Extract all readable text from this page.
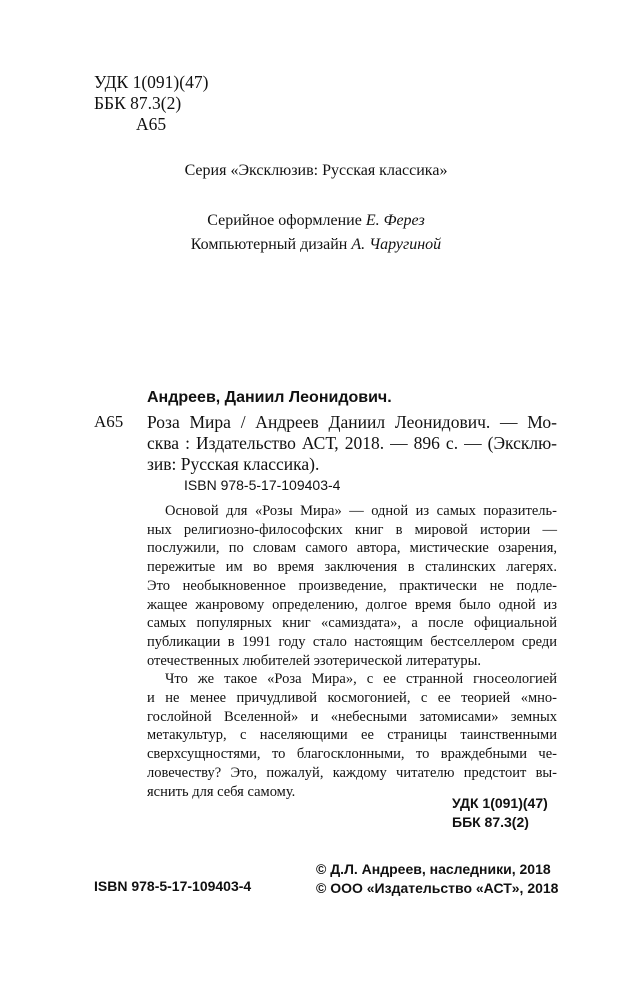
УДК 1(091)(47)
ББК 87.3(2)
А65
Серия «Эксклюзив: Русская классика»
Серийное оформление Е. Ферез
Компьютерный дизайн А. Чаругиной
Андреев, Даниил Леонидович.
А65 Роза Мира / Андреев Даниил Леонидович. — Мо-
сква : Издательство АСТ, 2018. — 896 с. — (Эксклю-
зив: Русская классика).
ISBN 978-5-17-109403-4
Основой для «Розы Мира» — одной из самых поразитель-
ных религиозно-философских книг в мировой истории —
послужили, по словам самого автора, мистические озарения,
пережитые им во время заключения в сталинских лагерях.
Это необыкновенное произведение, практически не подле-
жащее жанровому определению, долгое время было одной из
самых популярных книг «самиздата», а после официальной
публикации в 1991 году стало настоящим бестселлером среди
отечественных любителей эзотерической литературы.
Что же такое «Роза Мира», с ее странной гносеологией
и не менее причудливой космогонией, с ее теорией «мно-
гослойной Вселенной» и «небесными затомисами» земных
метакультур, с населяющими ее страницы таинственными
сверхсущностями, то благосклонными, то враждебными че-
ловечеству? Это, пожалуй, каждому читателю предстоит вы-
яснить для себя самому.
УДК 1(091)(47)
ББК 87.3(2)
© Д.Л. Андреев, наследники, 2018
© ООО «Издательство «АСТ», 2018
ISBN 978-5-17-109403-4
